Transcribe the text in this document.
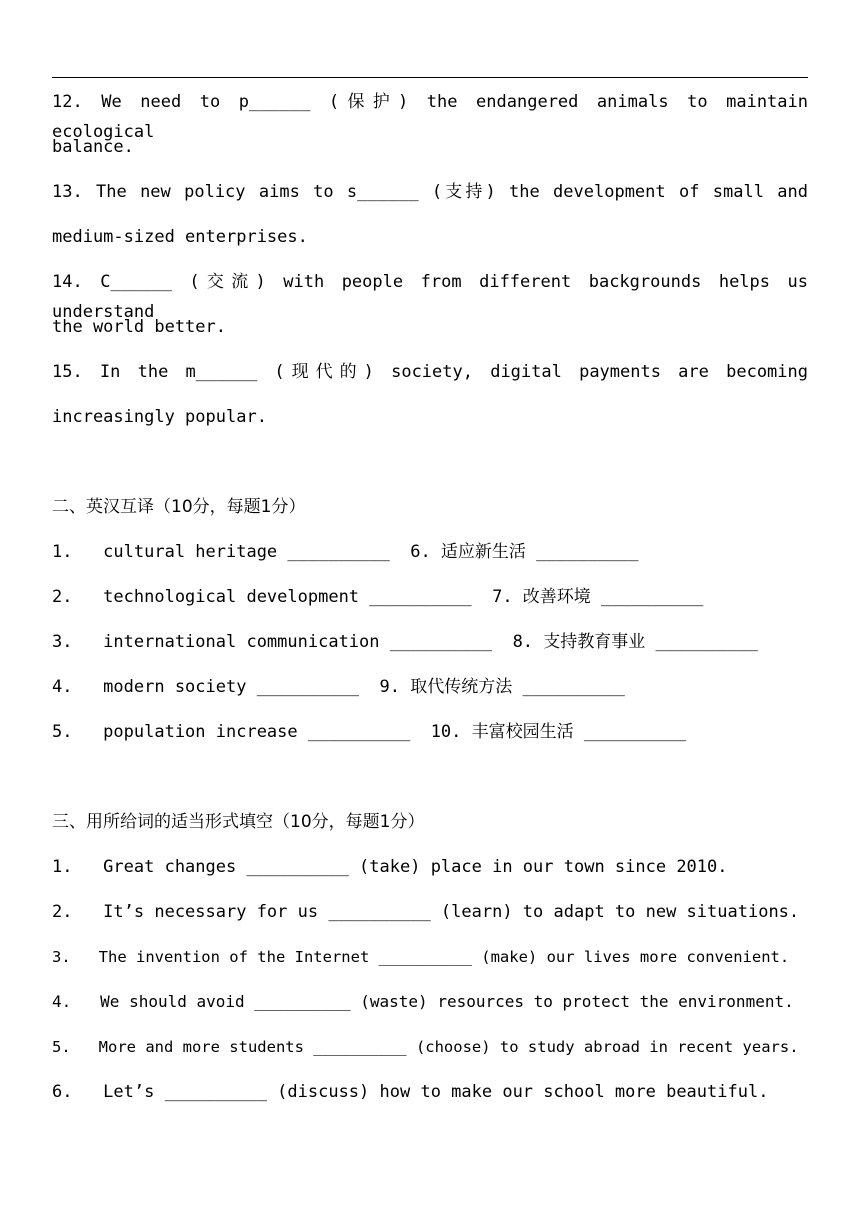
12. We need to p______ (保护) the endangered animals to maintain ecological
balance.
13. The new policy aims to s______ (支持) the development of small and
medium-sized enterprises.
14. C______ (交流) with people from different backgrounds helps us understand
the world better.
15. In the m______ (现代的) society, digital payments are becoming
increasingly popular.
二、英汉互译（10分，每题1分）
1.   cultural heritage __________  6. 适应新生活 __________
2.   technological development __________  7. 改善环境 __________
3.   international communication __________  8. 支持教育事业 __________
4.   modern society __________  9. 取代传统方法 __________
5.   population increase __________  10. 丰富校园生活 __________
三、用所给词的适当形式填空（10分，每题1分）
1.   Great changes __________ (take) place in our town since 2010.
2.   It’s necessary for us __________ (learn) to adapt to new situations.
3.   The invention of the Internet __________ (make) our lives more convenient.
4.   We should avoid __________ (waste) resources to protect the environment.
5.   More and more students __________ (choose) to study abroad in recent years.
6.   Let’s __________ (discuss) how to make our school more beautiful.
